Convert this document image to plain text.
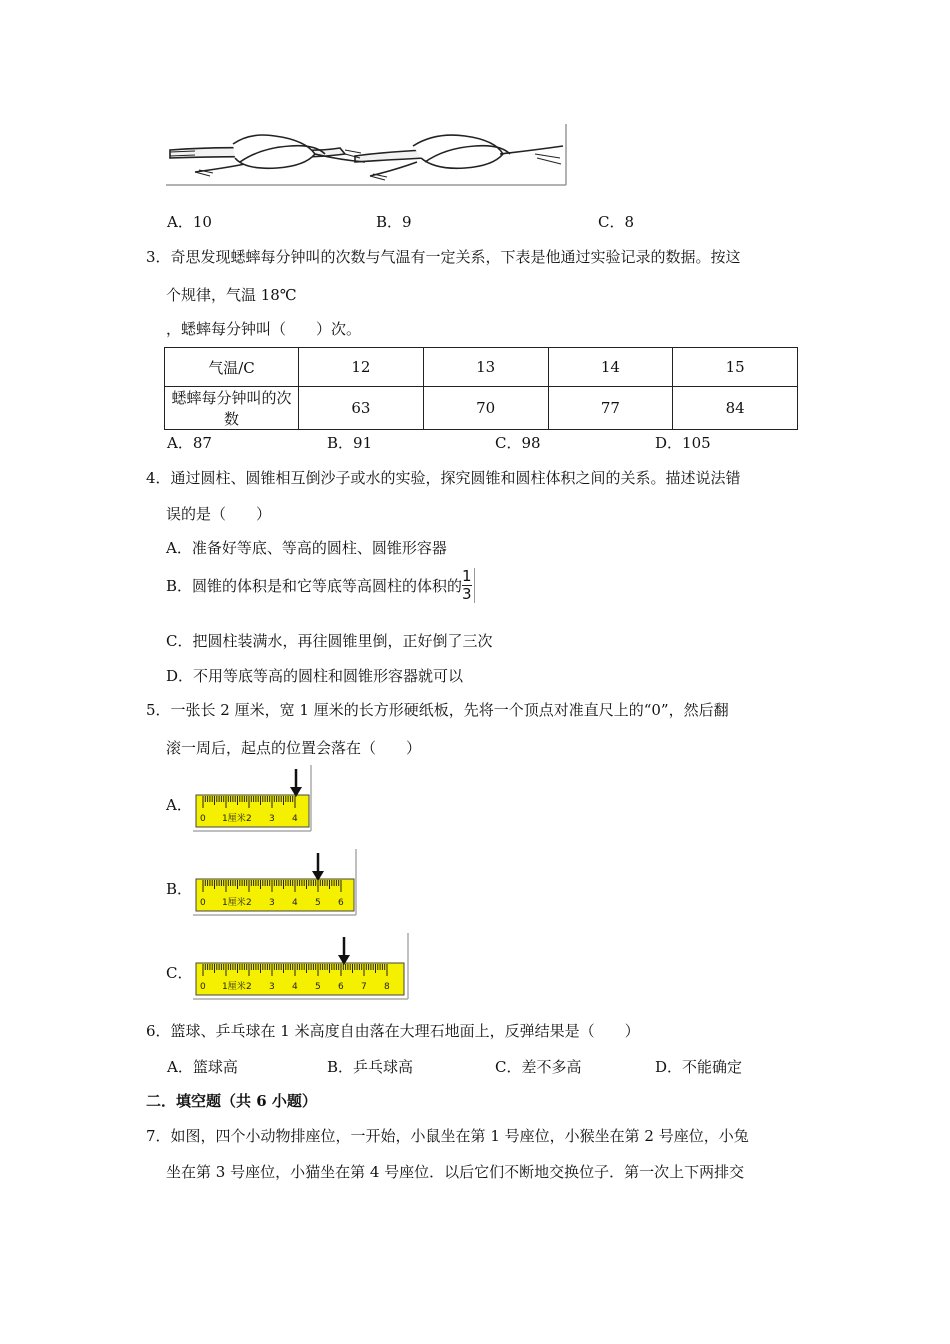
A．10	B．9	C．8
3．奇思发现蟋蟀每分钟叫的次数与气温有一定关系，下表是他通过实验记录的数据。按这
个规律，气温 18℃
，蟋蟀每分钟叫（　　）次。
气温/C	12	13	14	15
蟋蟀每分钟叫的次数	63	70	77	84
A．87	B．91	C．98	D．105
4．通过圆柱、圆锥相互倒沙子或水的实验，探究圆锥和圆柱体积之间的关系。描述说法错
误的是（　　）
A．准备好等底、等高的圆柱、圆锥形容器
B．圆锥的体积是和它等底等高圆柱的体积的 $\frac{1}{3}$
C．把圆柱装满水，再往圆锥里倒，正好倒了三次
D．不用等底等高的圆柱和圆锥形容器就可以
5．一张长 2 厘米，宽 1 厘米的长方形硬纸板，先将一个顶点对准直尺上的“0”，然后翻
滚一周后，起点的位置会落在（　　）
A．
0 1厘米 2 3 4
B．
0 1厘米 2 3 4 5 6
C．
0 1厘米 2 3 4 5 6 7 8
6．篮球、乒乓球在 1 米高度自由落在大理石地面上，反弹结果是（　　）
A．篮球高	B．乒乓球高	C．差不多高	D．不能确定
二．填空题（共 6 小题）
7．如图，四个小动物排座位，一开始，小鼠坐在第 1 号座位，小猴坐在第 2 号座位，小兔
坐在第 3 号座位，小猫坐在第 4 号座位．以后它们不断地交换位子．第一次上下两排交
